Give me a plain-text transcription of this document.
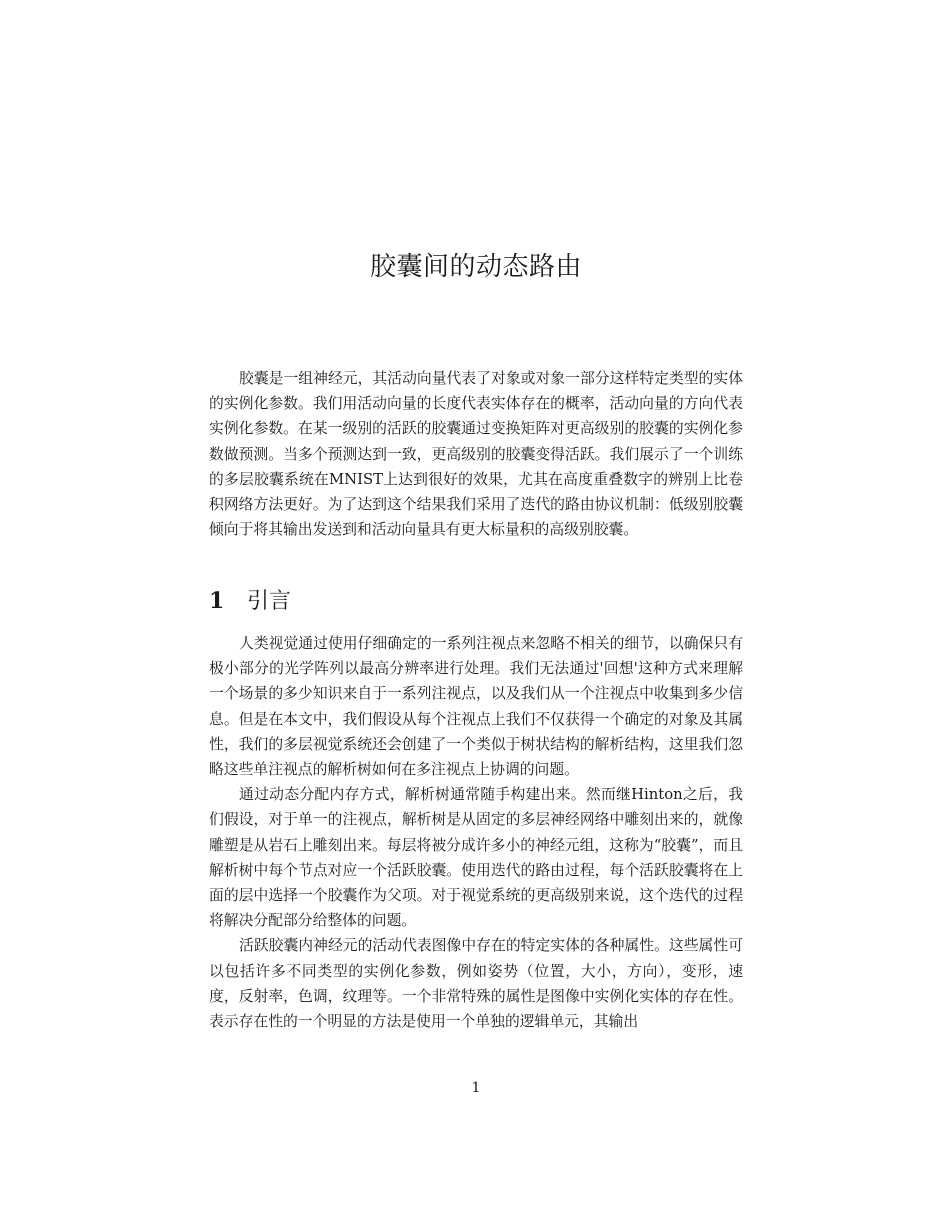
胶囊间的动态路由

胶囊是一组神经元，其活动向量代表了对象或对象一部分这样特定类型的实体的实例化参数。我们用活动向量的长度代表实体存在的概率，活动向量的方向代表实例化参数。在某一级别的活跃的胶囊通过变换矩阵对更高级别的胶囊的实例化参数做预测。当多个预测达到一致，更高级别的胶囊变得活跃。我们展示了一个训练的多层胶囊系统在MNIST上达到很好的效果，尤其在高度重叠数字的辨别上比卷积网络方法更好。为了达到这个结果我们采用了迭代的路由协议机制：低级别胶囊倾向于将其输出发送到和活动向量具有更大标量积的高级别胶囊。

1 引言

人类视觉通过使用仔细确定的一系列注视点来忽略不相关的细节，以确保只有极小部分的光学阵列以最高分辨率进行处理。我们无法通过'回想'这种方式来理解一个场景的多少知识来自于一系列注视点，以及我们从一个注视点中收集到多少信息。但是在本文中，我们假设从每个注视点上我们不仅获得一个确定的对象及其属性，我们的多层视觉系统还会创建了一个类似于树状结构的解析结构，这里我们忽略这些单注视点的解析树如何在多注视点上协调的问题。

通过动态分配内存方式，解析树通常随手构建出来。然而继Hinton之后，我们假设，对于单一的注视点，解析树是从固定的多层神经网络中雕刻出来的，就像雕塑是从岩石上雕刻出来。每层将被分成许多小的神经元组，这称为“胶囊”，而且解析树中每个节点对应一个活跃胶囊。使用迭代的路由过程，每个活跃胶囊将在上面的层中选择一个胶囊作为父项。对于视觉系统的更高级别来说，这个迭代的过程将解决分配部分给整体的问题。

活跃胶囊内神经元的活动代表图像中存在的特定实体的各种属性。这些属性可以包括许多不同类型的实例化参数，例如姿势（位置，大小，方向），变形，速度，反射率，色调，纹理等。一个非常特殊的属性是图像中实例化实体的存在性。表示存在性的一个明显的方法是使用一个单独的逻辑单元，其输出

1
